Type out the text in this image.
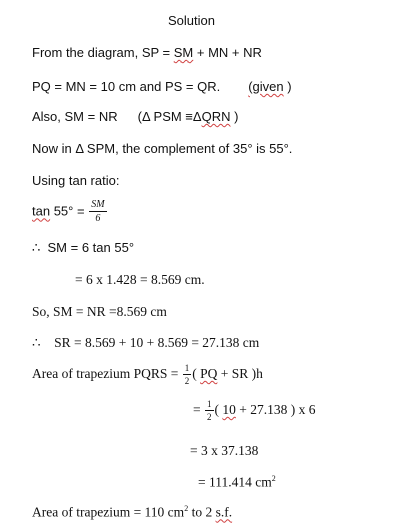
Solution
From the diagram, SP = SM + MN + NR
PQ = MN = 10 cm and PS = QR. (given )
Also, SM = NR (Δ PSM ≡ΔQRN )
Now in Δ SPM, the complement of 35° is 55°.
Using tan ratio:
$\tan 55^\circ = \frac{SM}{6}$
∴ SM = 6 tan 55°
= 6 x 1.428 = 8.569 cm.
So, SM = NR =8.569 cm
∴ SR = 8.569 + 10 + 8.569 = 27.138 cm
Area of trapezium PQRS = $\frac{1}{2}$ ( PQ + SR )h
= $\frac{1}{2}$ ( 10 + 27.138 ) x 6
= 3 x 37.138
= 111.414 $cm^2$
Area of trapezium = 110 $cm^2$ to 2 s.f.
